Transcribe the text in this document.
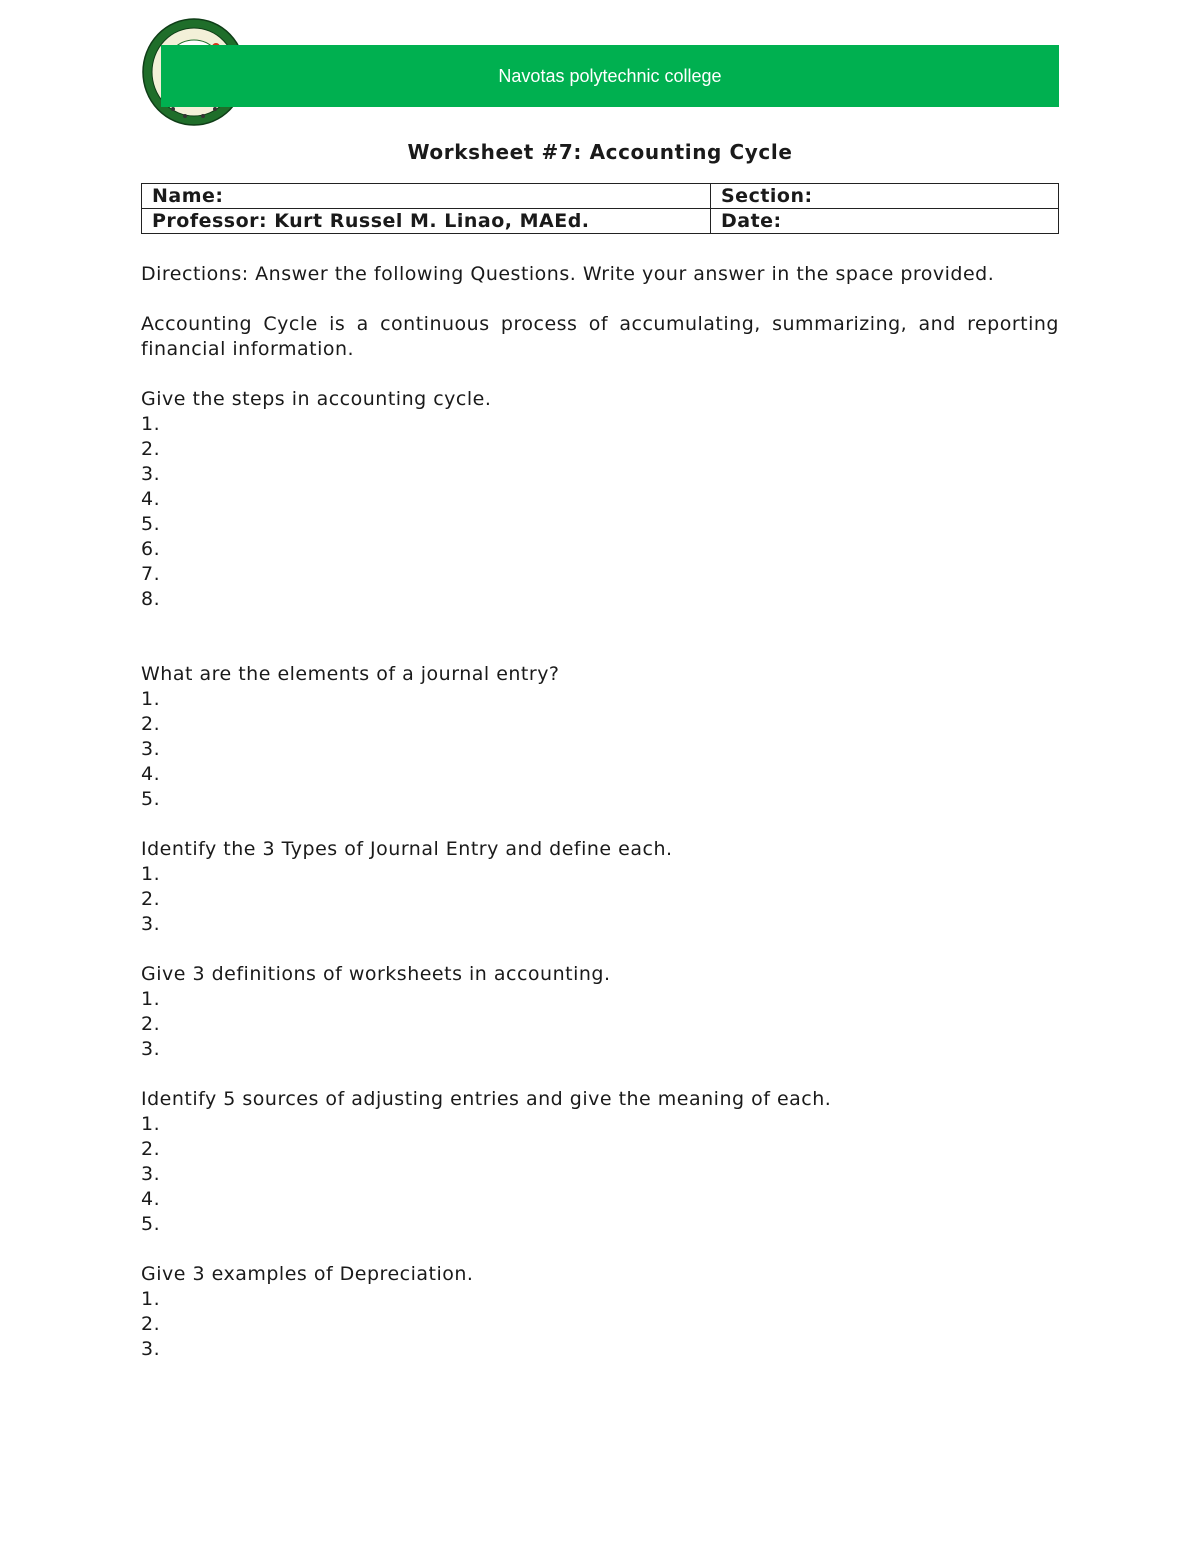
Navotas polytechnic college
Worksheet #7: Accounting Cycle
Name:	Section:
Professor: Kurt Russel M. Linao, MAEd.	Date:

Directions: Answer the following Questions. Write your answer in the space provided.

Accounting Cycle is a continuous process of accumulating, summarizing, and reporting financial information.

Give the steps in accounting cycle.

1.

2.

3.

4.

5.

6.

7.

8.

What are the elements of a journal entry?

1.

2.

3.

4.

5.

Identify the 3 Types of Journal Entry and define each.

1.

2.

3.

Give 3 definitions of worksheets in accounting.

1.

2.

3.

Identify 5 sources of adjusting entries and give the meaning of each.

1.

2.

3.

4.

5.

Give 3 examples of Depreciation.

1.

2.

3.
